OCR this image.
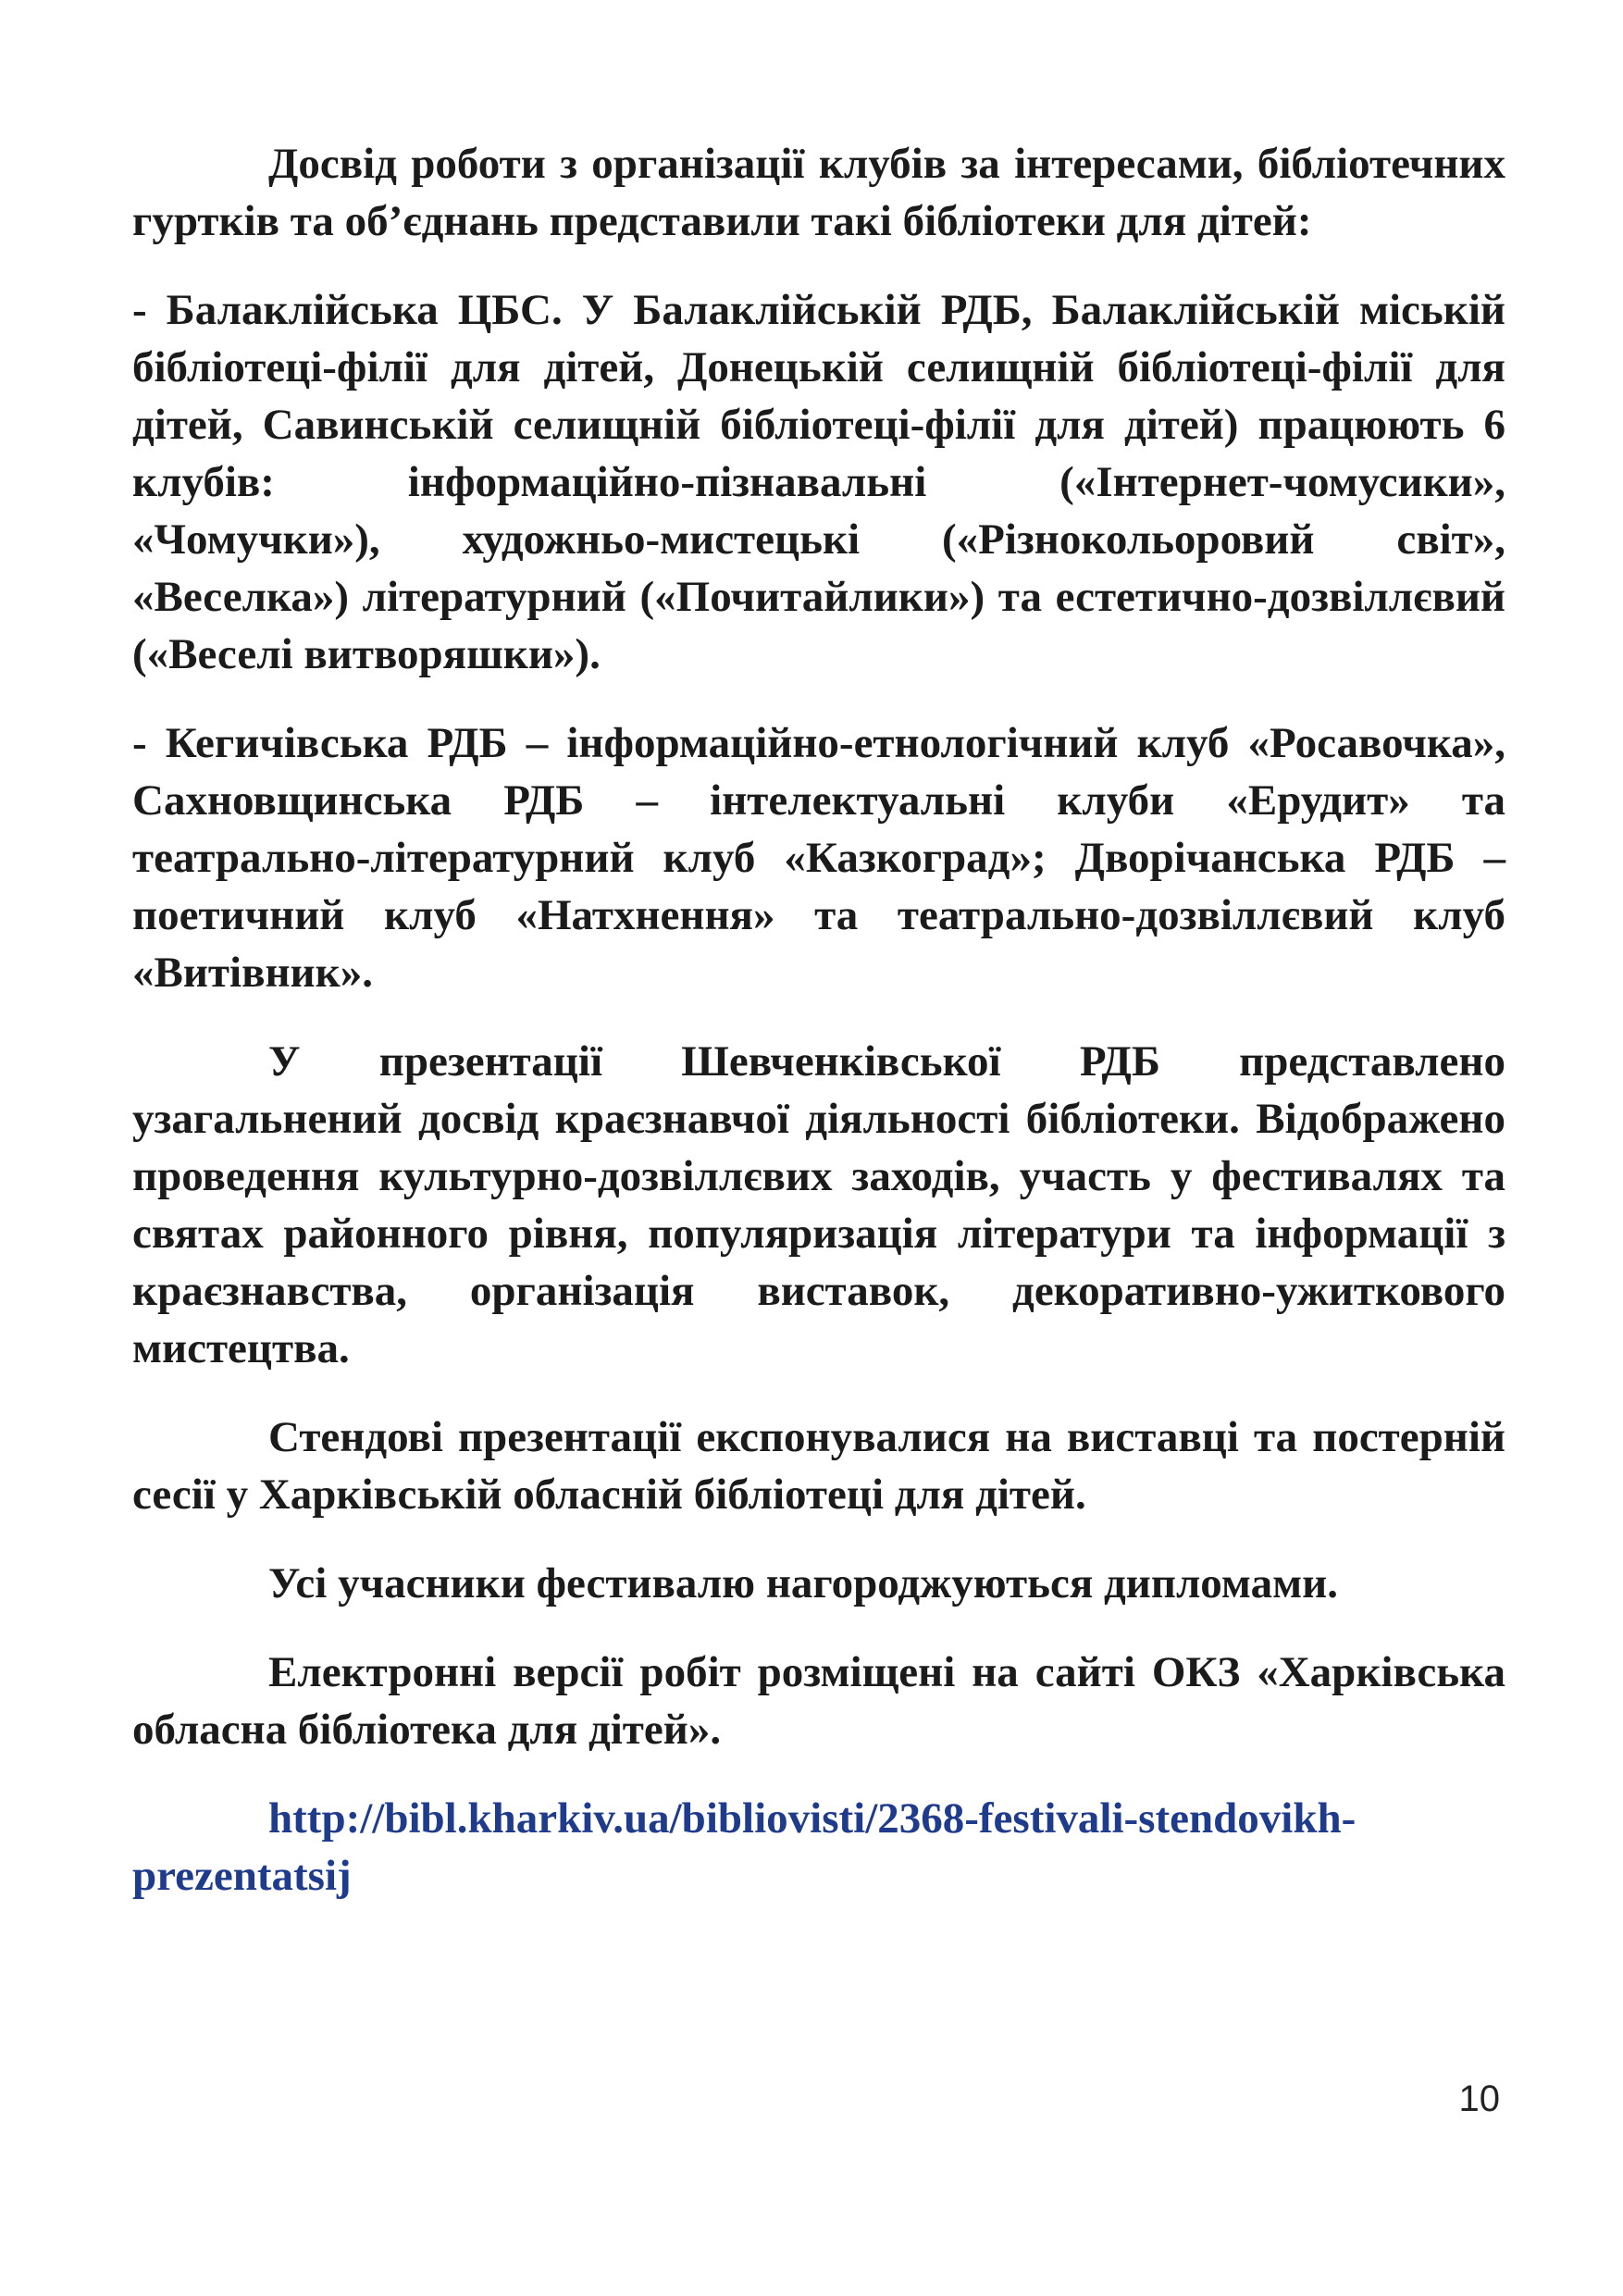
Досвід роботи з організації клубів за інтересами, бібліотечних гуртків та об’єднань представили такі бібліотеки для дітей:

- Балаклійська ЦБС. У Балаклійській РДБ, Балаклійській міській бібліотеці-філії для дітей, Донецькій селищній бібліотеці-філії для дітей, Савинській селищній бібліотеці-філії для дітей) працюють 6 клубів: інформаційно-пізнавальні («Інтернет-чомусики», «Чомучки»), художньо-мистецькі («Різнокольоровий світ», «Веселка») літературний («Почитайлики») та естетично-дозвіллєвий («Веселі витворяшки»).

- Кегичівська РДБ – інформаційно-етнологічний клуб «Росавочка», Сахновщинська РДБ – інтелектуальні клуби «Ерудит» та театрально-літературний клуб «Казкоград»; Дворічанська РДБ – поетичний клуб «Натхнення» та театрально-дозвіллєвий клуб «Витівник».

У презентації Шевченківської РДБ представлено узагальнений досвід краєзнавчої діяльності бібліотеки. Відображено проведення культурно-дозвіллєвих заходів, участь у фестивалях та святах районного рівня, популяризація літератури та інформації з краєзнавства, організація виставок, декоративно-ужиткового мистецтва.

Стендові презентації експонувалися на виставці та постерній сесії у Харківській обласній бібліотеці для дітей.

Усі учасники фестивалю нагороджуються дипломами.

Електронні версії робіт розміщені на сайті ОКЗ «Харківська обласна бібліотека для дітей».

http://bibl.kharkiv.ua/bibliovisti/2368-festivali-stendovikh-prezentatsij
10
